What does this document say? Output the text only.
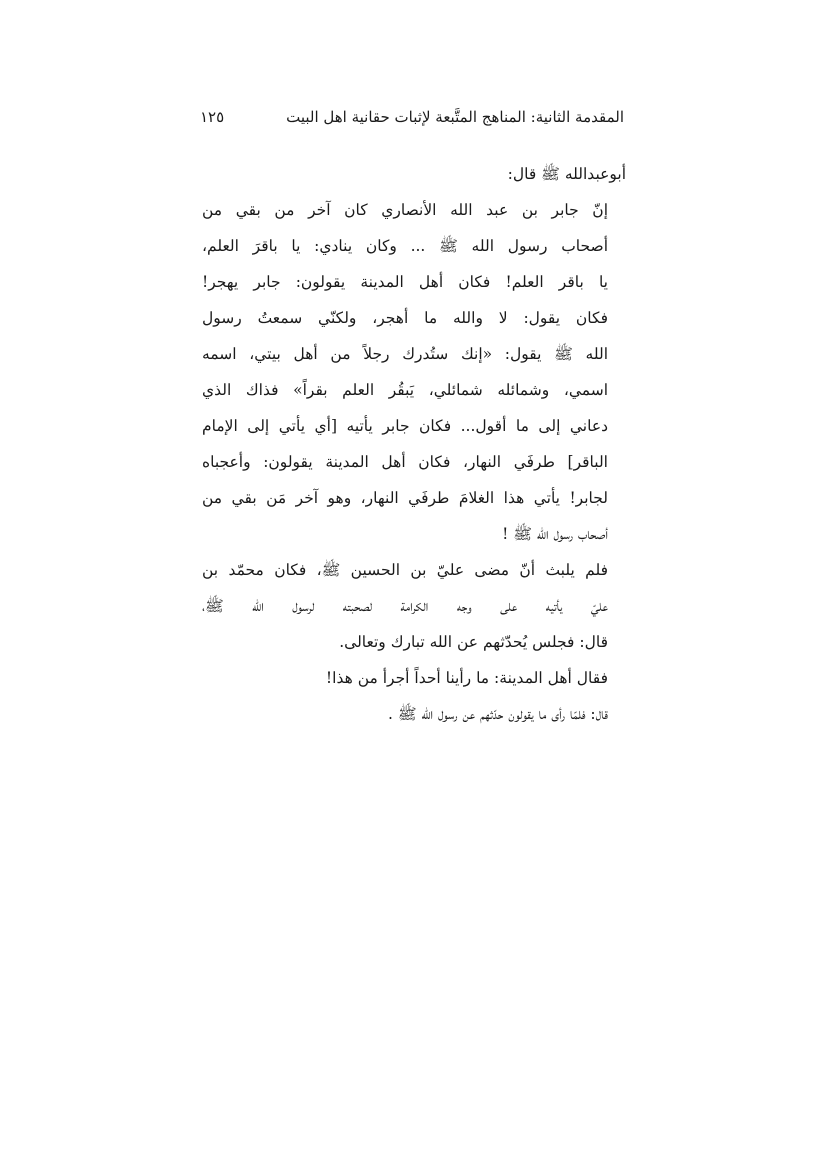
المقدمة الثانية: المناهج المتَّبعة لإثبات حقانية اهل البيت
١٢٥
أبوعبدالله ﷺ قال:
إنّ جابر بن عبد الله الأنصاري كان آخر من بقي من
أصحاب رسول الله ﷺ ... وكان ينادي: يا باقرَ العلم،
يا باقر العلم! فكان أهل المدينة يقولون: جابر يهجر!
فكان يقول: لا والله ما أهجر، ولكنّي سمعتُ رسول
الله ﷺ يقول: «إنك ستُدرك رجلاً من أهل بيتي، اسمه
اسمي، وشمائله شمائلي، يَبقُر العلم بقراً» فذاك الذي
دعاني إلى ما أقول... فكان جابر يأتيه [أي يأتي إلى الإمام
الباقر] طرفَي النهار، فكان أهل المدينة يقولون: وأعجباه
لجابر! يأتي هذا الغلامَ طرفَي النهار، وهو آخر مَن بقي من
أصحاب رسول الله ﷺ !
فلم يلبث أنّ مضى عليّ بن الحسين ﷺ، فكان محمّد بن
عليّ يأتيه على وجه الكرامة لصحبته لرسول الله ﷺ،
قال: فجلس يُحدّثهم عن الله تبارك وتعالى.
فقال أهل المدينة: ما رأينا أحداً أجرأ من هذا!
قال: فلمّا رأى ما يقولون حدّثهم عن رسول الله ﷺ .
